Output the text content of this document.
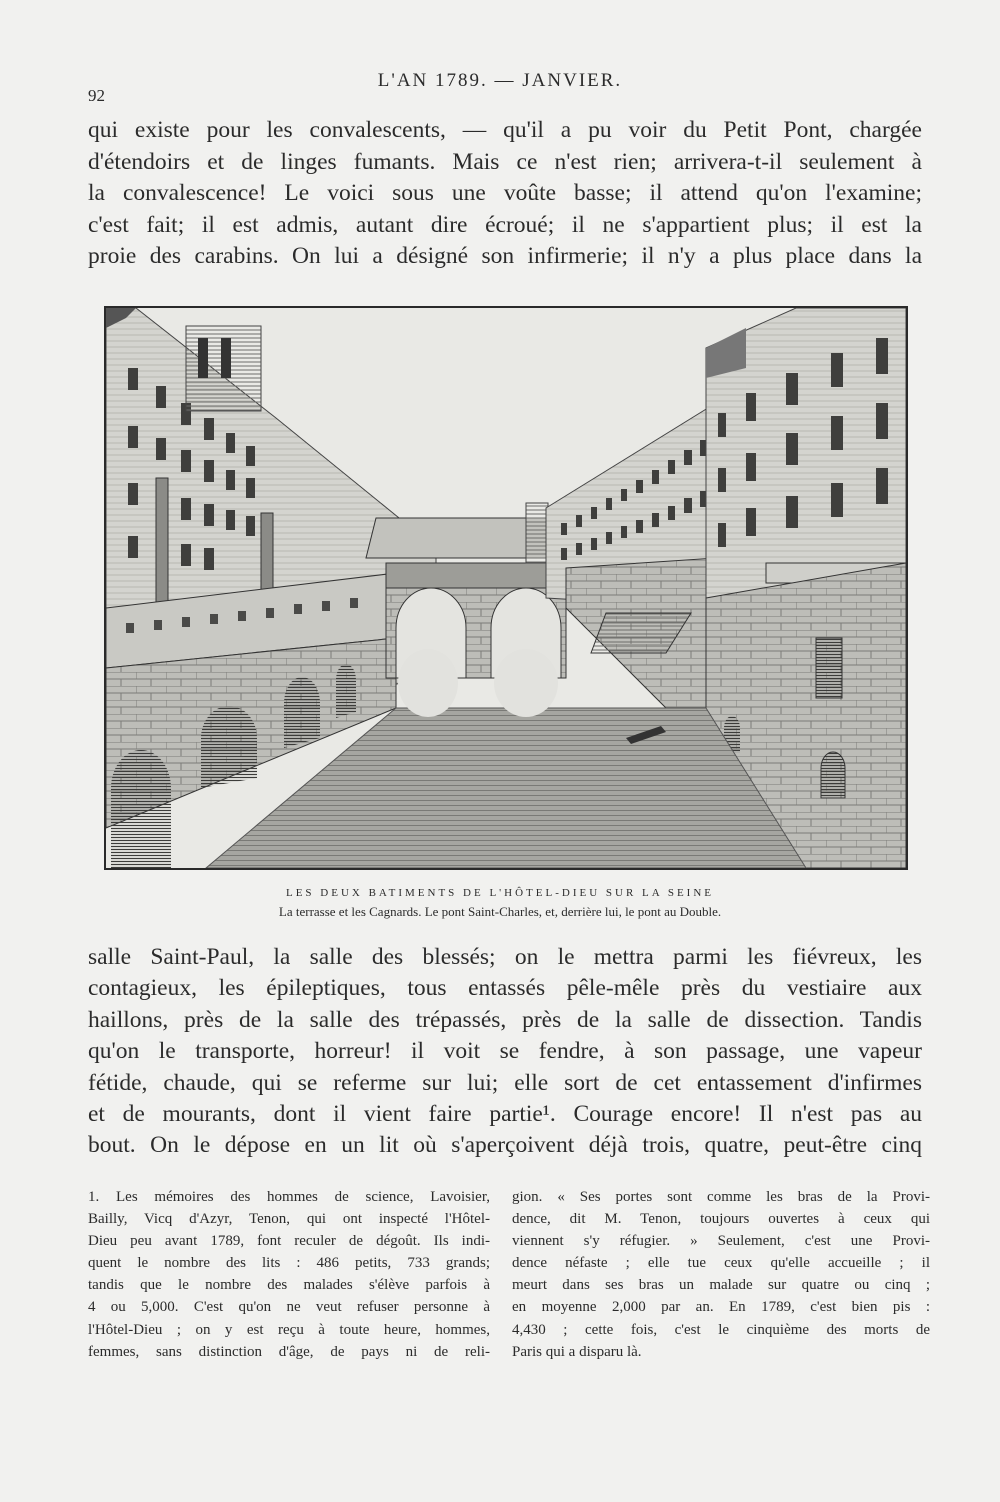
92
L'AN 1789. — JANVIER.
qui existe pour les convalescents, — qu'il a pu voir du Petit Pont, chargée
d'étendoirs et de linges fumants. Mais ce n'est rien; arrivera-t-il seulement à
la convalescence! Le voici sous une voûte basse; il attend qu'on l'examine;
c'est fait; il est admis, autant dire écroué; il ne s'appartient plus; il est la
proie des carabins. On lui a désigné son infirmerie; il n'y a plus place dans la
LES DEUX BATIMENTS DE L'HÔTEL-DIEU SUR LA SEINE
La terrasse et les Cagnards. Le pont Saint-Charles, et, derrière lui, le pont au Double.
salle Saint-Paul, la salle des blessés; on le mettra parmi les fiévreux, les
contagieux, les épileptiques, tous entassés pêle-mêle près du vestiaire aux
haillons, près de la salle des trépassés, près de la salle de dissection. Tandis
qu'on le transporte, horreur! il voit se fendre, à son passage, une vapeur
fétide, chaude, qui se referme sur lui; elle sort de cet entassement d'infirmes
et de mourants, dont il vient faire partie¹. Courage encore! Il n'est pas au
bout. On le dépose en un lit où s'aperçoivent déjà trois, quatre, peut-être cinq
1. Les mémoires des hommes de science, Lavoisier,
Bailly, Vicq d'Azyr, Tenon, qui ont inspecté l'Hôtel-
Dieu peu avant 1789, font reculer de dégoût. Ils indi-
quent le nombre des lits : 486 petits, 733 grands;
tandis que le nombre des malades s'élève parfois à
4 ou 5,000. C'est qu'on ne veut refuser personne à
l'Hôtel-Dieu ; on y est reçu à toute heure, hommes,
femmes, sans distinction d'âge, de pays ni de reli-
gion. « Ses portes sont comme les bras de la Provi-
dence, dit M. Tenon, toujours ouvertes à ceux qui
viennent s'y réfugier. » Seulement, c'est une Provi-
dence néfaste ; elle tue ceux qu'elle accueille ; il
meurt dans ses bras un malade sur quatre ou cinq ;
en moyenne 2,000 par an. En 1789, c'est bien pis :
4,430 ; cette fois, c'est le cinquième des morts de
Paris qui a disparu là.
